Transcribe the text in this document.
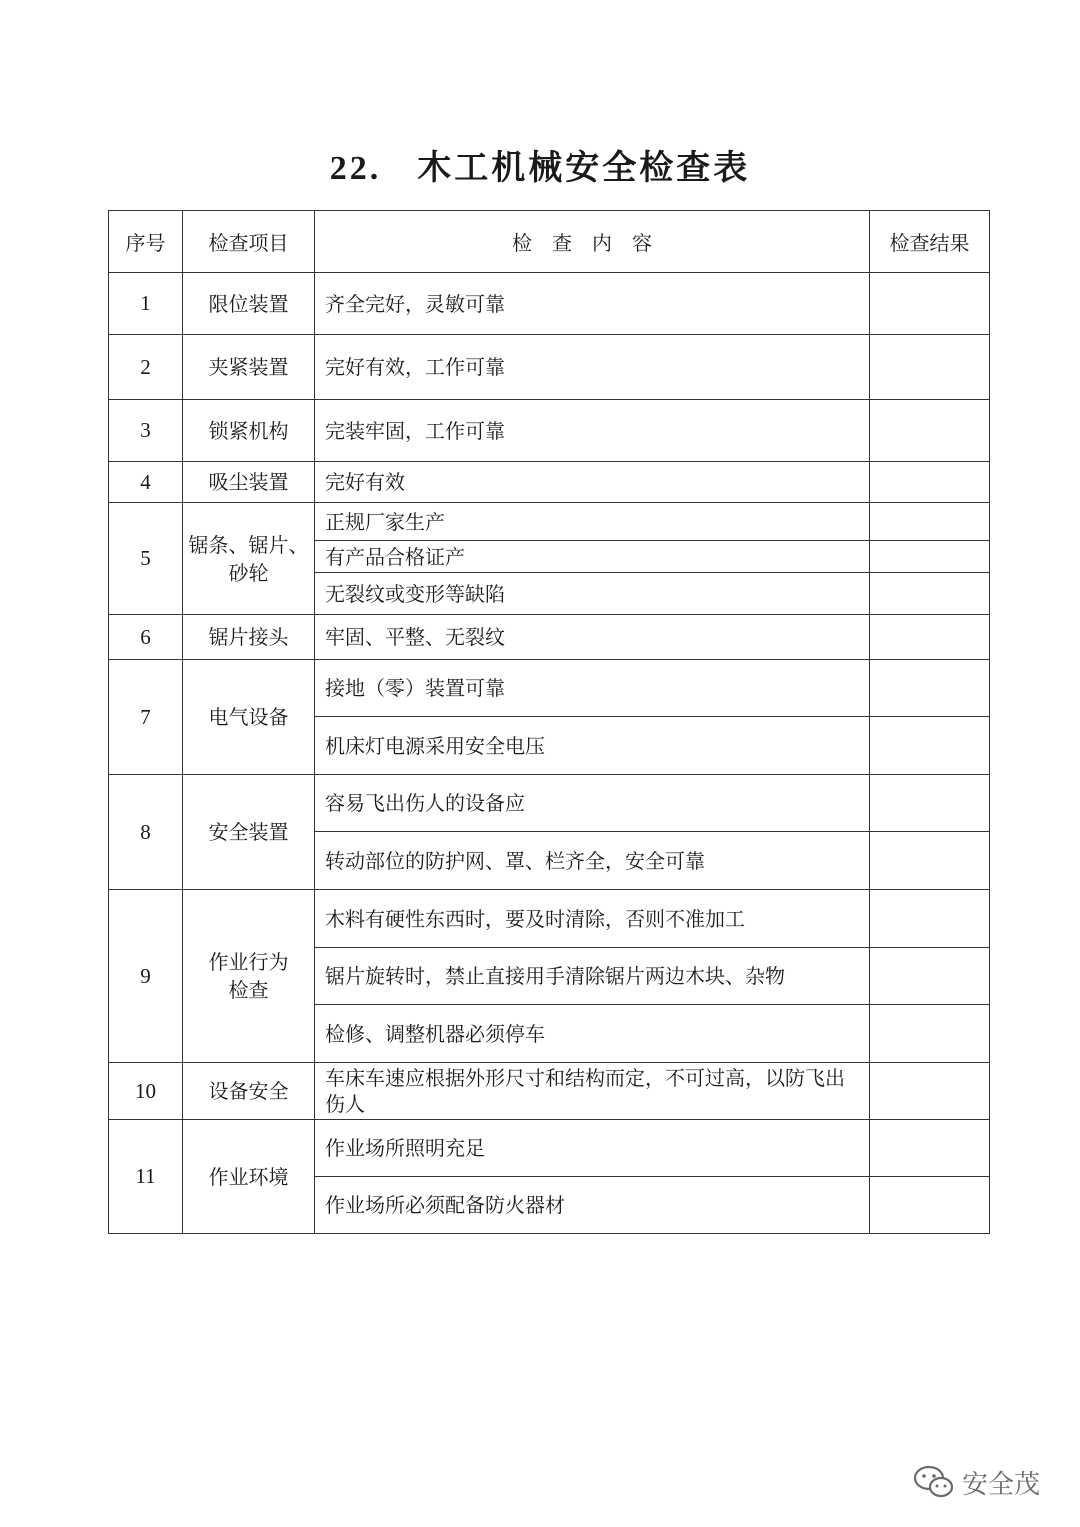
22. 木工机械安全检查表
序号	检查项目	检查内容	检查结果
1	限位装置	齐全完好，灵敏可靠	
2	夹紧装置	完好有效，工作可靠	
3	锁紧机构	完装牢固，工作可靠	
4	吸尘装置	完好有效	
5	锯条、锯片、砂轮	正规厂家生产	
		有产品合格证产	
		无裂纹或变形等缺陷	
6	锯片接头	牢固、平整、无裂纹	
7	电气设备	接地（零）装置可靠	
		机床灯电源采用安全电压	
8	安全装置	容易飞出伤人的设备应	
		转动部位的防护网、罩、栏齐全，安全可靠	
9	作业行为检查	木料有硬性东西时，要及时清除，否则不准加工	
		锯片旋转时，禁止直接用手清除锯片两边木块、杂物	
		检修、调整机器必须停车	
10	设备安全	车床车速应根据外形尺寸和结构而定，不可过高，以防飞出伤人	
11	作业环境	作业场所照明充足	
		作业场所必须配备防火器材	
安全茂
